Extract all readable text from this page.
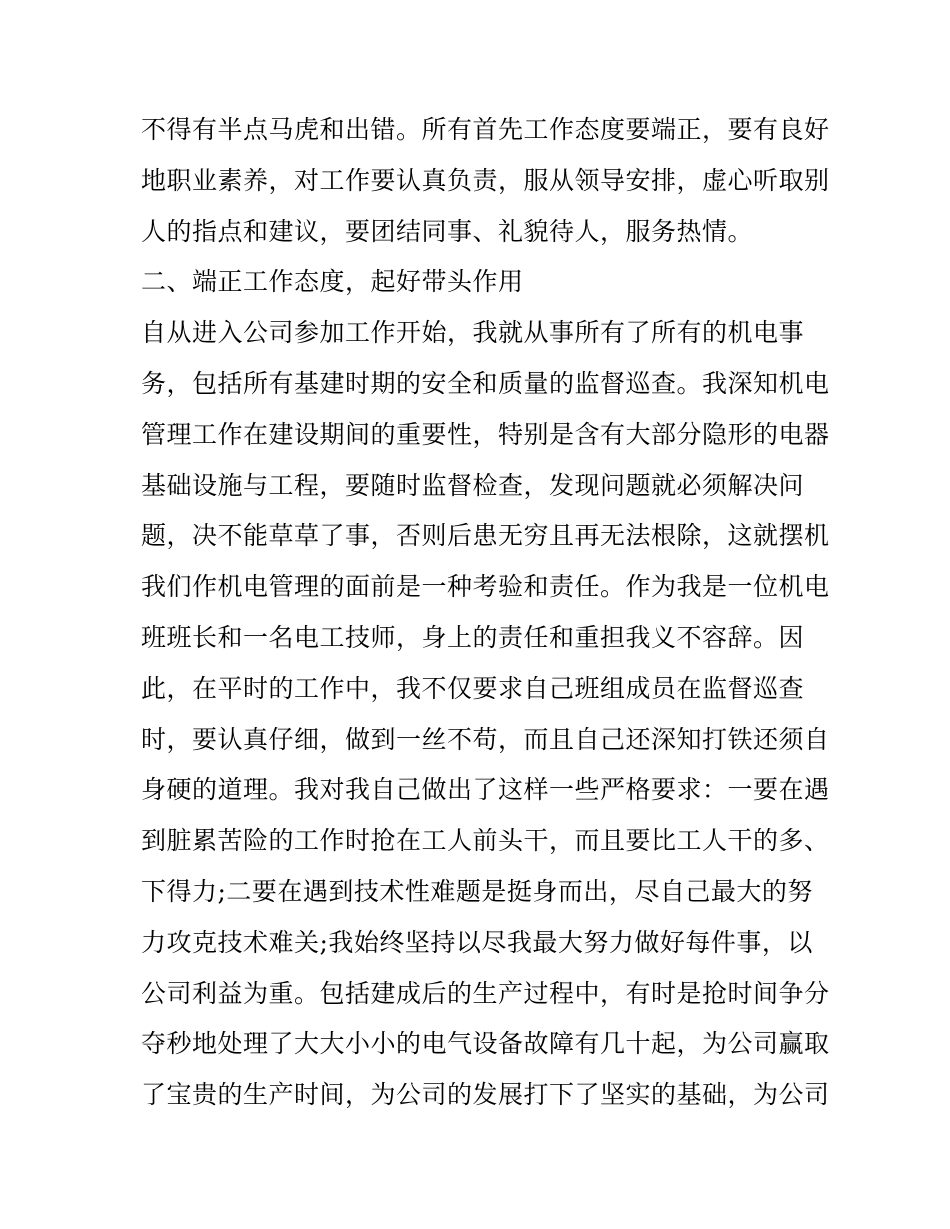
不得有半点马虎和出错。所有首先工作态度要端正，要有良好
地职业素养，对工作要认真负责，服从领导安排，虚心听取别
人的指点和建议，要团结同事、礼貌待人，服务热情。
二、端正工作态度，起好带头作用
自从进入公司参加工作开始，我就从事所有了所有的机电事
务，包括所有基建时期的安全和质量的监督巡查。我深知机电
管理工作在建设期间的重要性，特别是含有大部分隐形的电器
基础设施与工程，要随时监督检查，发现问题就必须解决问
题，决不能草草了事，否则后患无穷且再无法根除，这就摆机
我们作机电管理的面前是一种考验和责任。作为我是一位机电
班班长和一名电工技师，身上的责任和重担我义不容辞。因
此，在平时的工作中，我不仅要求自己班组成员在监督巡查
时，要认真仔细，做到一丝不苟，而且自己还深知打铁还须自
身硬的道理。我对我自己做出了这样一些严格要求：一要在遇
到脏累苦险的工作时抢在工人前头干，而且要比工人干的多、
下得力;二要在遇到技术性难题是挺身而出，尽自己最大的努
力攻克技术难关;我始终坚持以尽我最大努力做好每件事，以
公司利益为重。包括建成后的生产过程中，有时是抢时间争分
夺秒地处理了大大小小的电气设备故障有几十起，为公司赢取
了宝贵的生产时间，为公司的发展打下了坚实的基础，为公司
